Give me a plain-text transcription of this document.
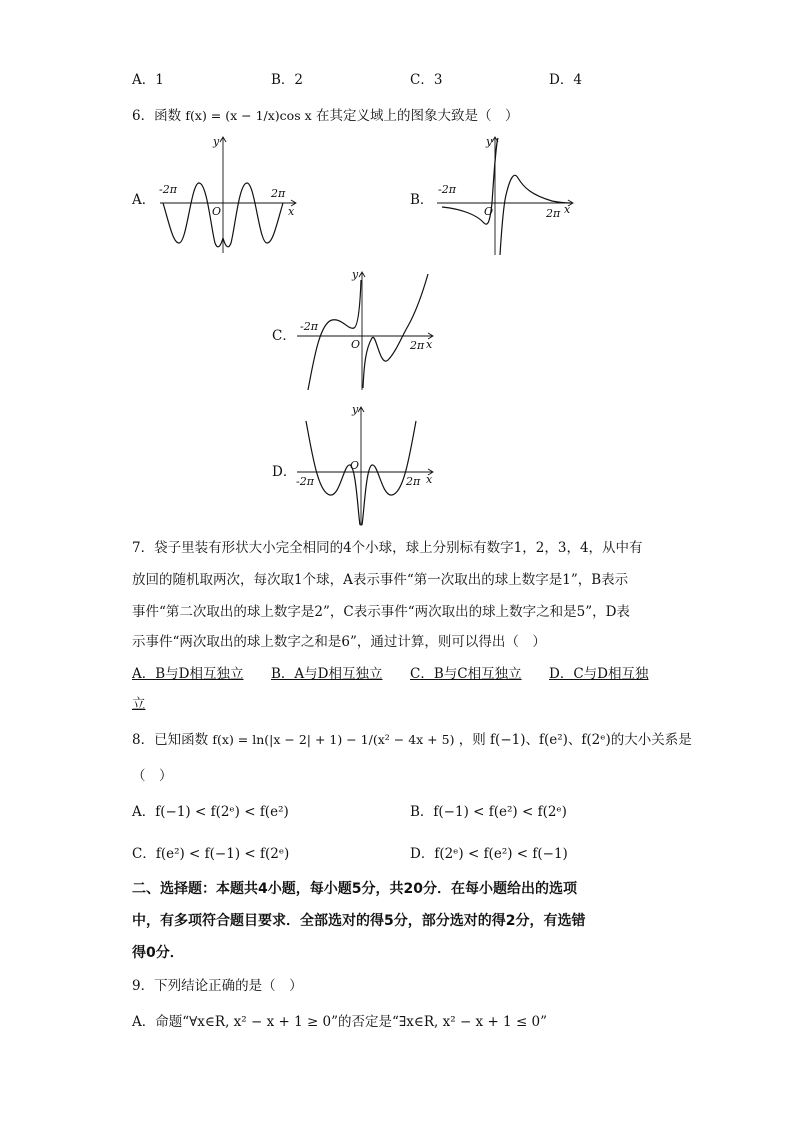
A．1	B．2	C．3	D．4
6．函数 f(x) = (x − 1/x)cos x 在其定义域上的图象大致是（　）
A．
-2π	2π
O	x
y
B．
-2π
2π
O	x
y
C．
-2π
2π
O	x
y
D．
-2π	2π
O
x
y
7．袋子里装有形状大小完全相同的4个小球，球上分别标有数字1，2，3，4，从中有
放回的随机取两次，每次取1个球，A表示事件“第一次取出的球上数字是1”，B表示
事件“第二次取出的球上数字是2”，C表示事件“两次取出的球上数字之和是5”，D表
示事件“两次取出的球上数字之和是6”，通过计算，则可以得出（　）
A．B与D相互独立 B．A与D相互独立 C．B与C相互独立 D．C与D相互独
立
8．已知函数 f(x) = ln(|x − 2| + 1) − 1/(x² − 4x + 5) ，则 f(−1)、f(e²)、f(2ᵉ)的大小关系是
（　）
A．f(−1) < f(2ᵉ) < f(e²)	B．f(−1) < f(e²) < f(2ᵉ)
C．f(e²) < f(−1) < f(2ᵉ)	D．f(2ᵉ) < f(e²) < f(−1)
二、选择题：本题共4小题，每小题5分，共20分．在每小题给出的选项
中，有多项符合题目要求．全部选对的得5分，部分选对的得2分，有选错
得0分．
9．下列结论正确的是（　）
A．命题“∀x∈R, x² − x + 1 ≥ 0”的否定是“∃x∈R, x² − x + 1 ≤ 0”
